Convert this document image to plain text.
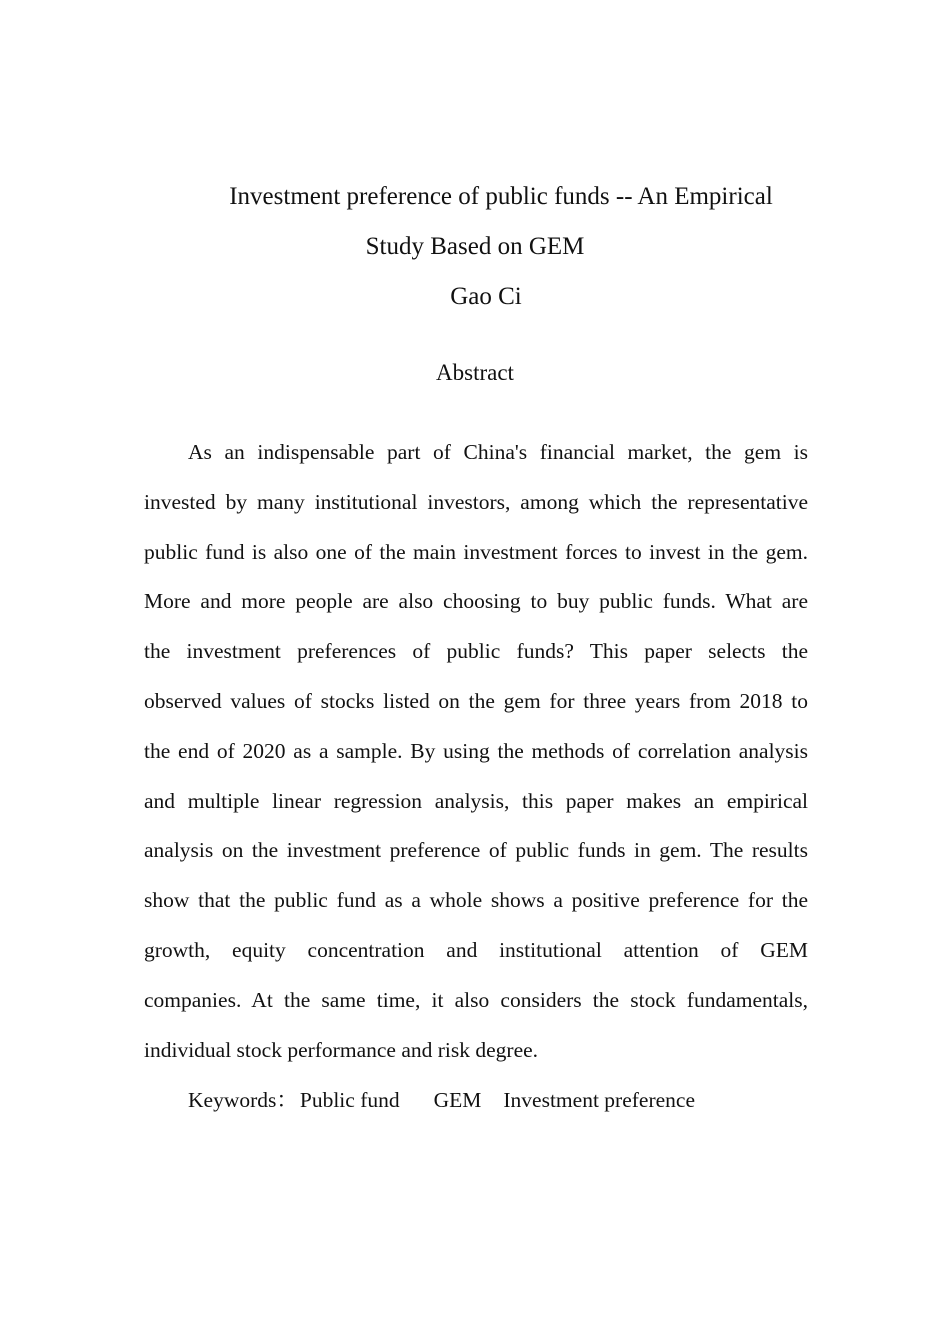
Investment preference of public funds -- An Empirical
Study Based on GEM
Gao Ci
Abstract
As an indispensable part of China's financial market, the gem is
invested by many institutional investors, among which the representative
public fund is also one of the main investment forces to invest in the gem.
More and more people are also choosing to buy public funds. What are
the investment preferences of public funds? This paper selects the
observed values of stocks listed on the gem for three years from 2018 to
the end of 2020 as a sample. By using the methods of correlation analysis
and multiple linear regression analysis, this paper makes an empirical
analysis on the investment preference of public funds in gem. The results
show that the public fund as a whole shows a positive preference for the
growth, equity concentration and institutional attention of GEM
companies. At the same time, it also considers the stock fundamentals,
individual stock performance and risk degree.
Keywords：Public fund GEM Investment preference
